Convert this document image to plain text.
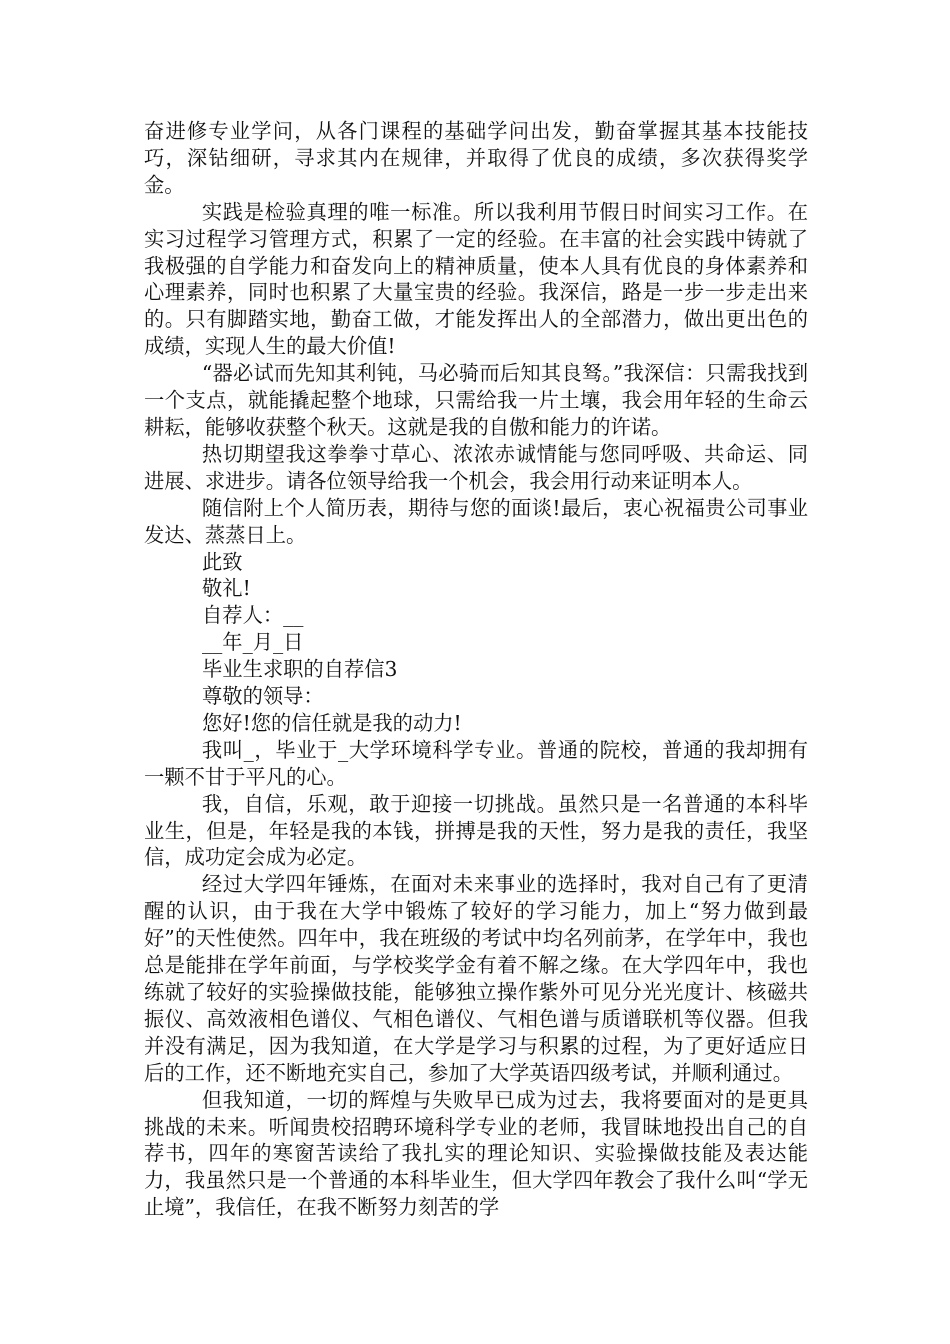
奋进修专业学问，从各门课程的基础学问出发，勤奋掌握其基本技能技巧，深钻细研，寻求其内在规律，并取得了优良的成绩，多次获得奖学金。

实践是检验真理的唯一标准。所以我利用节假日时间实习工作。在实习过程学习管理方式，积累了一定的经验。在丰富的社会实践中铸就了我极强的自学能力和奋发向上的精神质量，使本人具有优良的身体素养和心理素养，同时也积累了大量宝贵的经验。我深信，路是一步一步走出来的。只有脚踏实地，勤奋工做，才能发挥出人的全部潜力，做出更出色的成绩，实现人生的最大价值!

“器必试而先知其利钝，马必骑而后知其良驽。”我深信：只需我找到一个支点，就能撬起整个地球，只需给我一片土壤，我会用年轻的生命云耕耘，能够收获整个秋天。这就是我的自傲和能力的许诺。

热切期望我这拳拳寸草心、浓浓赤诚情能与您同呼吸、共命运、同进展、求进步。请各位领导给我一个机会，我会用行动来证明本人。

随信附上个人简历表，期待与您的面谈!最后，衷心祝福贵公司事业发达、蒸蒸日上。

此致

敬礼!

自荐人：__

__年_月_日

毕业生求职的自荐信3

尊敬的领导：

您好!您的信任就是我的动力!

我叫_，毕业于_大学环境科学专业。普通的院校，普通的我却拥有一颗不甘于平凡的心。

我，自信，乐观，敢于迎接一切挑战。虽然只是一名普通的本科毕业生，但是，年轻是我的本钱，拼搏是我的天性，努力是我的责任，我坚信，成功定会成为必定。

经过大学四年锤炼，在面对未来事业的选择时，我对自己有了更清醒的认识，由于我在大学中锻炼了较好的学习能力，加上“努力做到最好”的天性使然。四年中，我在班级的考试中均名列前茅，在学年中，我也总是能排在学年前面，与学校奖学金有着不解之缘。在大学四年中，我也练就了较好的实验操做技能，能够独立操作紫外可见分光光度计、核磁共振仪、高效液相色谱仪、气相色谱仪、气相色谱与质谱联机等仪器。但我并没有满足，因为我知道，在大学是学习与积累的过程，为了更好适应日后的工作，还不断地充实自己，参加了大学英语四级考试，并顺利通过。

但我知道，一切的辉煌与失败早已成为过去，我将要面对的是更具挑战的未来。听闻贵校招聘环境科学专业的老师，我冒昧地投出自己的自荐书，四年的寒窗苦读给了我扎实的理论知识、实验操做技能及表达能力，我虽然只是一个普通的本科毕业生，但大学四年教会了我什么叫“学无止境”，我信任，在我不断努力刻苦的学
